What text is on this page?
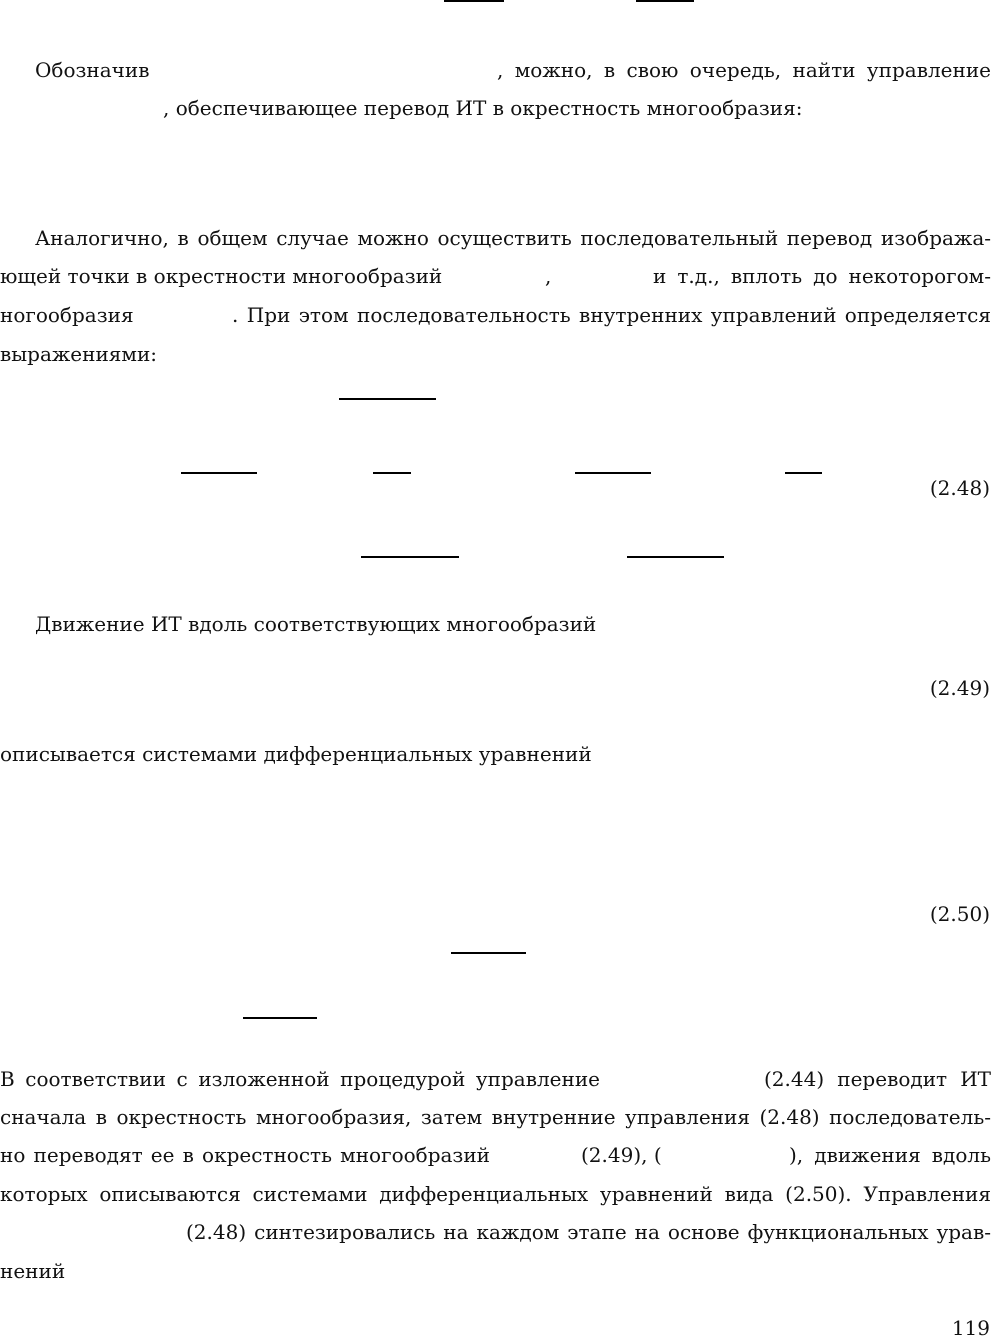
Обозначив	, можно, в свою очередь, найти управление
, обеспечивающее перевод ИТ в окрестность многообразия:
Аналогично, в общем случае можно осуществить последовательный перевод изобража-
ющей точки в окрестности многообразий	,	и т.д., вплоть до некоторогом-
ногообразия	. При этом последовательность внутренних управлений определяется
выражениями:
(2.48)
Движение ИТ вдоль соответствующих многообразий
(2.49)
описывается системами дифференциальных уравнений
(2.50)
В соответствии с изложенной процедурой управление	(2.44) переводит ИТ
сначала в окрестность многообразия, затем внутренние управления (2.48) последователь-
но переводят ее в окрестность многообразий	(2.49), (	), движения вдоль
которых описываются системами дифференциальных уравнений вида (2.50). Управления
(2.48) синтезировались на каждом этапе на основе функциональных урав-
нений
119
